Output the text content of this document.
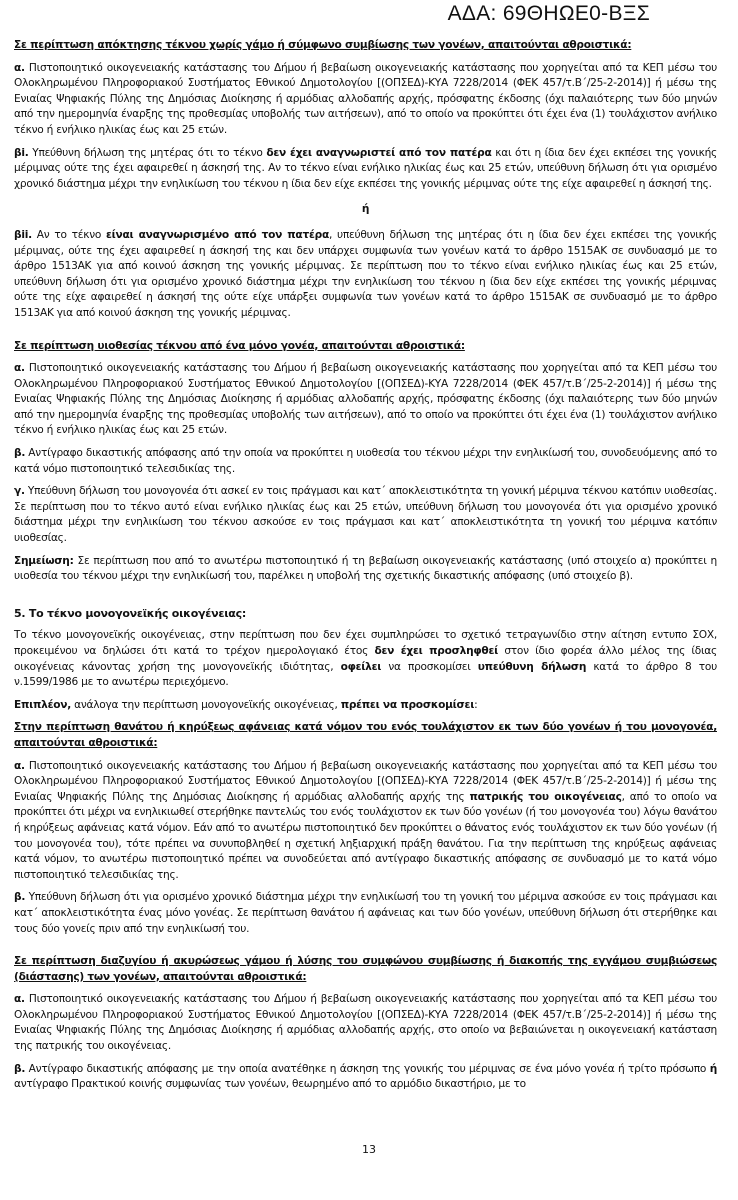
ΑΔΑ: 69ΘΗΩΕ0-ΒΞΣ

Σε περίπτωση απόκτησης τέκνου χωρίς γάμο ή σύμφωνο συμβίωσης των γονέων, απαιτούνται αθροιστικά:

α. Πιστοποιητικό οικογενειακής κατάστασης του Δήμου ή βεβαίωση οικογενειακής κατάστασης που χορηγείται από τα ΚΕΠ μέσω του Ολοκληρωμένου Πληροφοριακού Συστήματος Εθνικού Δημοτολογίου [(ΟΠΣΕΔ)-ΚΥΑ 7228/2014 (ΦΕΚ 457/τ.Β΄/25-2-2014)] ή μέσω της Ενιαίας Ψηφιακής Πύλης της Δημόσιας Διοίκησης ή αρμόδιας αλλοδαπής αρχής, πρόσφατης έκδοσης (όχι παλαιότερης των δύο μηνών από την ημερομηνία έναρξης της προθεσμίας υποβολής των αιτήσεων), από το οποίο να προκύπτει ότι έχει ένα (1) τουλάχιστον ανήλικο τέκνο ή ενήλικο ηλικίας έως και 25 ετών.

βi. Υπεύθυνη δήλωση της μητέρας ότι το τέκνο δεν έχει αναγνωριστεί από τον πατέρα και ότι η ίδια δεν έχει εκπέσει της γονικής μέριμνας ούτε της έχει αφαιρεθεί η άσκησή της. Αν το τέκνο είναι ενήλικο ηλικίας έως και 25 ετών, υπεύθυνη δήλωση ότι για ορισμένο χρονικό διάστημα μέχρι την ενηλικίωση του τέκνου η ίδια δεν είχε εκπέσει της γονικής μέριμνας ούτε της είχε αφαιρεθεί η άσκησή της.

ή

βii. Αν το τέκνο είναι αναγνωρισμένο από τον πατέρα, υπεύθυνη δήλωση της μητέρας ότι η ίδια δεν έχει εκπέσει της γονικής μέριμνας, ούτε της έχει αφαιρεθεί η άσκησή της και δεν υπάρχει συμφωνία των γονέων κατά το άρθρο 1515ΑΚ σε συνδυασμό με το άρθρο 1513ΑΚ για από κοινού άσκηση της γονικής μέριμνας. Σε περίπτωση που το τέκνο είναι ενήλικο ηλικίας έως και 25 ετών, υπεύθυνη δήλωση ότι για ορισμένο χρονικό διάστημα μέχρι την ενηλικίωση του τέκνου η ίδια δεν είχε εκπέσει της γονικής μέριμνας ούτε της είχε αφαιρεθεί η άσκησή της ούτε είχε υπάρξει συμφωνία των γονέων κατά το άρθρο 1515ΑΚ σε συνδυασμό με το άρθρο 1513ΑΚ για από κοινού άσκηση της γονικής μέριμνας.

Σε περίπτωση υιοθεσίας τέκνου από ένα μόνο γονέα, απαιτούνται αθροιστικά:

α. Πιστοποιητικό οικογενειακής κατάστασης του Δήμου ή βεβαίωση οικογενειακής κατάστασης που χορηγείται από τα ΚΕΠ μέσω του Ολοκληρωμένου Πληροφοριακού Συστήματος Εθνικού Δημοτολογίου [(ΟΠΣΕΔ)-ΚΥΑ 7228/2014 (ΦΕΚ 457/τ.Β΄/25-2-2014)] ή μέσω της Ενιαίας Ψηφιακής Πύλης της Δημόσιας Διοίκησης ή αρμόδιας αλλοδαπής αρχής, πρόσφατης έκδοσης (όχι παλαιότερης των δύο μηνών από την ημερομηνία έναρξης της προθεσμίας υποβολής των αιτήσεων), από το οποίο να προκύπτει ότι έχει ένα (1) τουλάχιστον ανήλικο τέκνο ή ενήλικο ηλικίας έως και 25 ετών.

β. Αντίγραφο δικαστικής απόφασης από την οποία να προκύπτει η υιοθεσία του τέκνου μέχρι την ενηλικίωσή του, συνοδευόμενης από το κατά νόμο πιστοποιητικό τελεσιδικίας της.

γ. Υπεύθυνη δήλωση του μονογονέα ότι ασκεί εν τοις πράγμασι και κατ΄ αποκλειστικότητα τη γονική μέριμνα τέκνου κατόπιν υιοθεσίας. Σε περίπτωση που το τέκνο αυτό είναι ενήλικο ηλικίας έως και 25 ετών, υπεύθυνη δήλωση του μονογονέα ότι για ορισμένο χρονικό διάστημα μέχρι την ενηλικίωση του τέκνου ασκούσε εν τοις πράγμασι και κατ΄ αποκλειστικότητα τη γονική του μέριμνα κατόπιν υιοθεσίας.

Σημείωση: Σε περίπτωση που από το ανωτέρω πιστοποιητικό ή τη βεβαίωση οικογενειακής κατάστασης (υπό στοιχείο α) προκύπτει η υιοθεσία του τέκνου μέχρι την ενηλικίωσή του, παρέλκει η υποβολή της σχετικής δικαστικής απόφασης (υπό στοιχείο β).

5. Το τέκνο μονογονεϊκής οικογένειας:

Το τέκνο μονογονεϊκής οικογένειας, στην περίπτωση που δεν έχει συμπληρώσει το σχετικό τετραγωνίδιο στην αίτηση εντυπο ΣΟΧ, προκειμένου να δηλώσει ότι κατά το τρέχον ημερολογιακό έτος δεν έχει προσληφθεί στον ίδιο φορέα άλλο μέλος της ίδιας οικογένειας κάνοντας χρήση της μονογονεϊκής ιδιότητας, οφείλει να προσκομίσει υπεύθυνη δήλωση κατά το άρθρο 8 του ν.1599/1986 με το ανωτέρω περιεχόμενο.

Επιπλέον, ανάλογα την περίπτωση μονογονεϊκής οικογένειας, πρέπει να προσκομίσει:

Στην περίπτωση θανάτου ή κηρύξεως αφάνειας κατά νόμον του ενός τουλάχιστον εκ των δύο γονέων ή του μονογονέα, απαιτούνται αθροιστικά:

α. Πιστοποιητικό οικογενειακής κατάστασης του Δήμου ή βεβαίωση οικογενειακής κατάστασης που χορηγείται από τα ΚΕΠ μέσω του Ολοκληρωμένου Πληροφοριακού Συστήματος Εθνικού Δημοτολογίου [(ΟΠΣΕΔ)-ΚΥΑ 7228/2014 (ΦΕΚ 457/τ.Β΄/25-2-2014)] ή μέσω της Ενιαίας Ψηφιακής Πύλης της Δημόσιας Διοίκησης ή αρμόδιας αλλοδαπής αρχής της πατρικής του οικογένειας, από το οποίο να προκύπτει ότι μέχρι να ενηλικιωθεί στερήθηκε παντελώς του ενός τουλάχιστον εκ των δύο γονέων (ή του μονογονέα του) λόγω θανάτου ή κηρύξεως αφάνειας κατά νόμον. Εάν από το ανωτέρω πιστοποιητικό δεν προκύπτει ο θάνατος ενός τουλάχιστον εκ των δύο γονέων (ή του μονογονέα του), τότε πρέπει να συνυποβληθεί η σχετική ληξιαρχική πράξη θανάτου. Για την περίπτωση της κηρύξεως αφάνειας κατά νόμον, το ανωτέρω πιστοποιητικό πρέπει να συνοδεύεται από αντίγραφο δικαστικής απόφασης σε συνδυασμό με το κατά νόμο πιστοποιητικό τελεσιδικίας της.

β. Υπεύθυνη δήλωση ότι για ορισμένο χρονικό διάστημα μέχρι την ενηλικίωσή του τη γονική του μέριμνα ασκούσε εν τοις πράγμασι και κατ΄ αποκλειστικότητα ένας μόνο γονέας. Σε περίπτωση θανάτου ή αφάνειας και των δύο γονέων, υπεύθυνη δήλωση ότι στερήθηκε και τους δύο γονείς πριν από την ενηλικίωσή του.

Σε περίπτωση διαζυγίου ή ακυρώσεως γάμου ή λύσης του συμφώνου συμβίωσης ή διακοπής της εγγάμου συμβιώσεως (διάστασης) των γονέων, απαιτούνται αθροιστικά:

α. Πιστοποιητικό οικογενειακής κατάστασης του Δήμου ή βεβαίωση οικογενειακής κατάστασης που χορηγείται από τα ΚΕΠ μέσω του Ολοκληρωμένου Πληροφοριακού Συστήματος Εθνικού Δημοτολογίου [(ΟΠΣΕΔ)-ΚΥΑ 7228/2014 (ΦΕΚ 457/τ.Β΄/25-2-2014)] ή μέσω της Ενιαίας Ψηφιακής Πύλης της Δημόσιας Διοίκησης ή αρμόδιας αλλοδαπής αρχής, στο οποίο να βεβαιώνεται η οικογενειακή κατάσταση της πατρικής του οικογένειας.

β. Αντίγραφο δικαστικής απόφασης με την οποία ανατέθηκε η άσκηση της γονικής του μέριμνας σε ένα μόνο γονέα ή τρίτο πρόσωπο ή αντίγραφο Πρακτικού κοινής συμφωνίας των γονέων, θεωρημένο από το αρμόδιο δικαστήριο, με το

13
